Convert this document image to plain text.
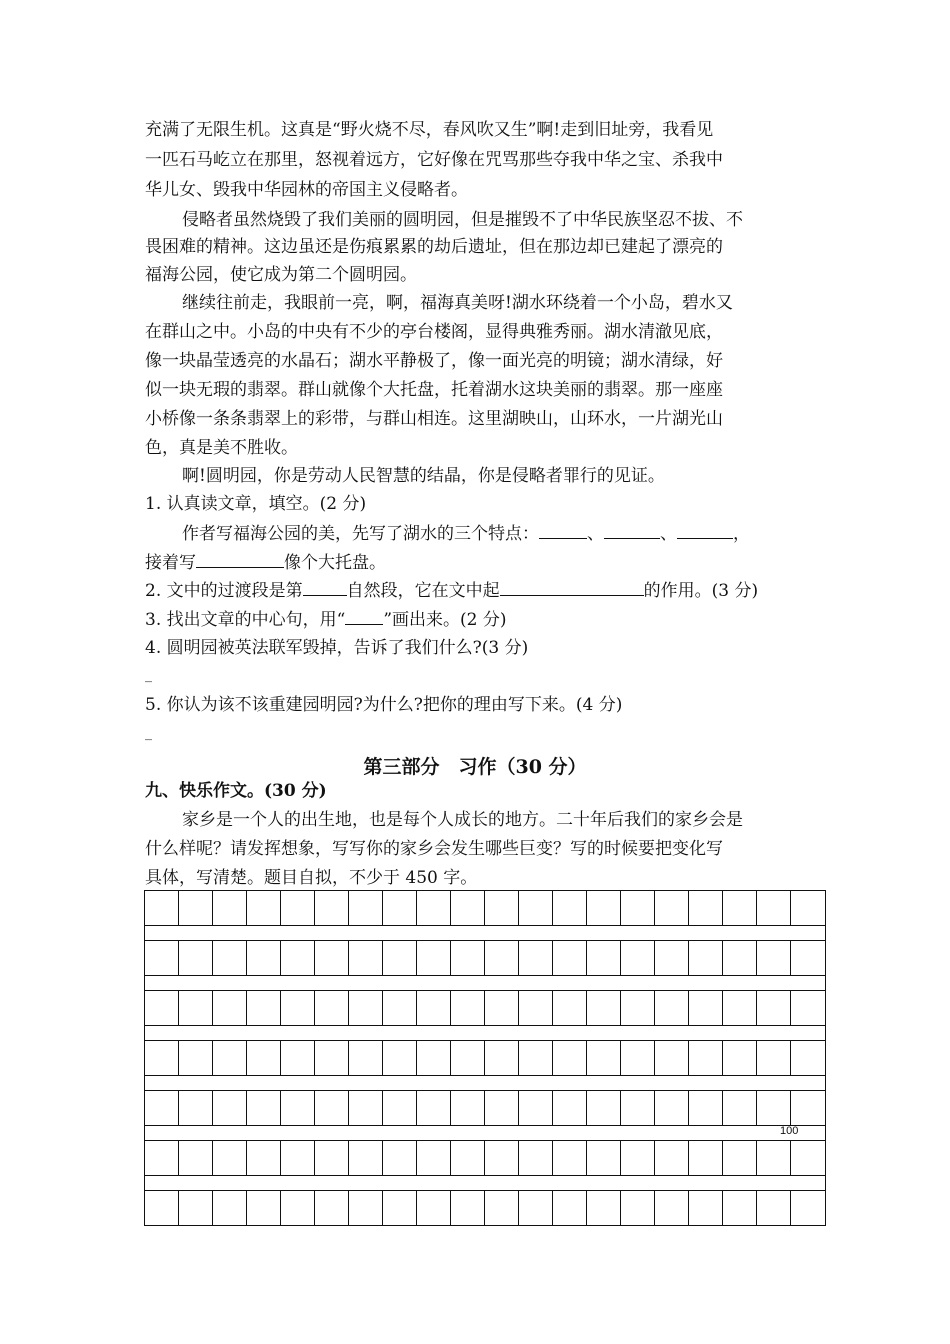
充满了无限生机。这真是“野火烧不尽，春风吹又生”啊!走到旧址旁，我看见

一匹石马屹立在那里，怒视着远方，它好像在咒骂那些夺我中华之宝、杀我中

华儿女、毁我中华园林的帝国主义侵略者。

侵略者虽然烧毁了我们美丽的圆明园，但是摧毁不了中华民族坚忍不拔、不

畏困难的精神。这边虽还是伤痕累累的劫后遗址，但在那边却已建起了漂亮的

福海公园，使它成为第二个圆明园。

继续往前走，我眼前一亮，啊，福海真美呀!湖水环绕着一个小岛，碧水又

在群山之中。小岛的中央有不少的亭台楼阁，显得典雅秀丽。湖水清澈见底，

像一块晶莹透亮的水晶石；湖水平静极了，像一面光亮的明镜；湖水清绿，好

似一块无瑕的翡翠。群山就像个大托盘，托着湖水这块美丽的翡翠。那一座座

小桥像一条条翡翠上的彩带，与群山相连。这里湖映山，山环水，一片湖光山

色，真是美不胜收。

啊!圆明园，你是劳动人民智慧的结晶，你是侵略者罪行的见证。

1. 认真读文章，填空。(2 分)

作者写福海公园的美，先写了湖水的三个特点：	、	、	，

接着写	像个大托盘。

2. 文中的过渡段是第	自然段，它在文中起	的作用。(3 分)

3. 找出文章的中心句，用“ ”画出来。(2 分)

4. 圆明园被英法联军毁掉，告诉了我们什么?(3 分)

_

5. 你认为该不该重建园明园?为什么?把你的理由写下来。(4 分)

_

第三部分　习作（30 分）

九、快乐作文。(30 分)

家乡是一个人的出生地，也是每个人成长的地方。二十年后我们的家乡会是

什么样呢？请发挥想象，写写你的家乡会发生哪些巨变？写的时候要把变化写

具体，写清楚。题目自拟，不少于 450 字。

100
